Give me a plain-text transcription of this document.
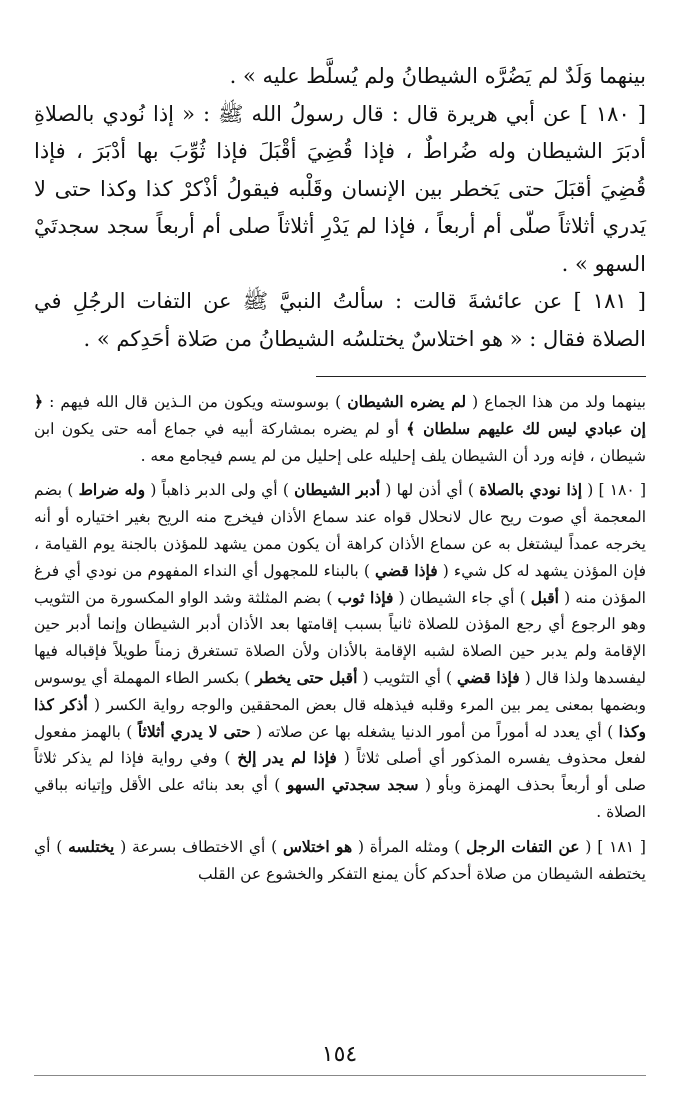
بينهما وَلَدٌ لم يَضُرَّه الشيطانُ ولم يُسلَّط عليه » .

[ ١٨٠ ] عن أبي هريرة قال : قال رسولُ الله ﷺ : « إذا نُودي بالصلاةِ أدبَرَ الشيطان وله ضُراطٌ ، فإذا قُضِيَ أقْبَلَ فإذا ثُوِّبَ بها أدْبَرَ ، فإذا قُضِيَ أقبَلَ حتى يَخطر بين الإنسان وقَلْبه فيقولُ أذْكرْ كذا وكذا حتى لا يَدري أثلاثاً صلّى أم أربعاً ، فإذا لم يَدْرِ أثلاثاً صلى أم أربعاً سجد سجدتَيْ السهو » .

[ ١٨١ ] عن عائشةَ قالت : سألتُ النبيَّ ﷺ عن التفات الرجُلِ في الصلاة فقال : « هو اختلاسٌ يختلسُه الشيطانُ من صَلاة أحَدِكم » .

بينهما ولد من هذا الجماع ( لم يضره الشيطان ) بوسوسته ويكون من الـذين قال الله فيهم : ﴿ إن عبادي ليس لك عليهم سلطان ﴾ أو لم يضره بمشاركة أبيه في جماع أمه حتى يكون ابن شيطان ، فإنه ورد أن الشيطان يلف إحليله على إحليل من لم يسم فيجامع معه .

[ ١٨٠ ] ( إذا نودي بالصلاة ) أي أذن لها ( أدبر الشيطان ) أي ولى الدبر ذاهباً ( وله ضراط ) بضم المعجمة أي صوت ريح عال لانحلال قواه عند سماع الأذان فيخرج منه الريح بغير اختياره أو أنه يخرجه عمداً ليشتغل به عن سماع الأذان كراهة أن يكون ممن يشهد للمؤذن بالجنة يوم القيامة ، فإن المؤذن يشهد له كل شيء ( فإذا قضي ) بالبناء للمجهول أي النداء المفهوم من نودي أي فرغ المؤذن منه ( أقبل ) أي جاء الشيطان ( فإذا ثوب ) بضم المثلثة وشد الواو المكسورة من التثويب وهو الرجوع أي رجع المؤذن للصلاة ثانياً بسبب إقامتها بعد الأذان أدبر الشيطان وإنما أدبر حين الإقامة ولم يدبر حين الصلاة لشبه الإقامة بالأذان ولأن الصلاة تستغرق زمناً طويلاً فإقباله فيها ليفسدها ولذا قال ( فإذا قضي ) أي التثويب ( أقبل حتى يخطر ) بكسر الطاء المهملة أي يوسوس وبضمها بمعنى يمر بين المرء وقلبه فيذهله قال بعض المحققين والوجه رواية الكسر ( أذكر كذا وكذا ) أي يعدد له أموراً من أمور الدنيا يشغله بها عن صلاته ( حتى لا يدري أثلاثاً ) بالهمز مفعول لفعل محذوف يفسره المذكور أي أصلى ثلاثاً ( فإذا لم يدر إلخ ) وفي رواية فإذا لم يذكر ثلاثاً صلى أو أربعاً بحذف الهمزة وبأو ( سجد سجدتي السهو ) أي بعد بنائه على الأقل وإتيانه بباقي الصلاة .

[ ١٨١ ] ( عن التفات الرجل ) ومثله المرأة ( هو اختلاس ) أي الاختطاف بسرعة ( يختلسه ) أي يختطفه الشيطان من صلاة أحدكم كأن يمنع التفكر والخشوع عن القلب

١٥٤
